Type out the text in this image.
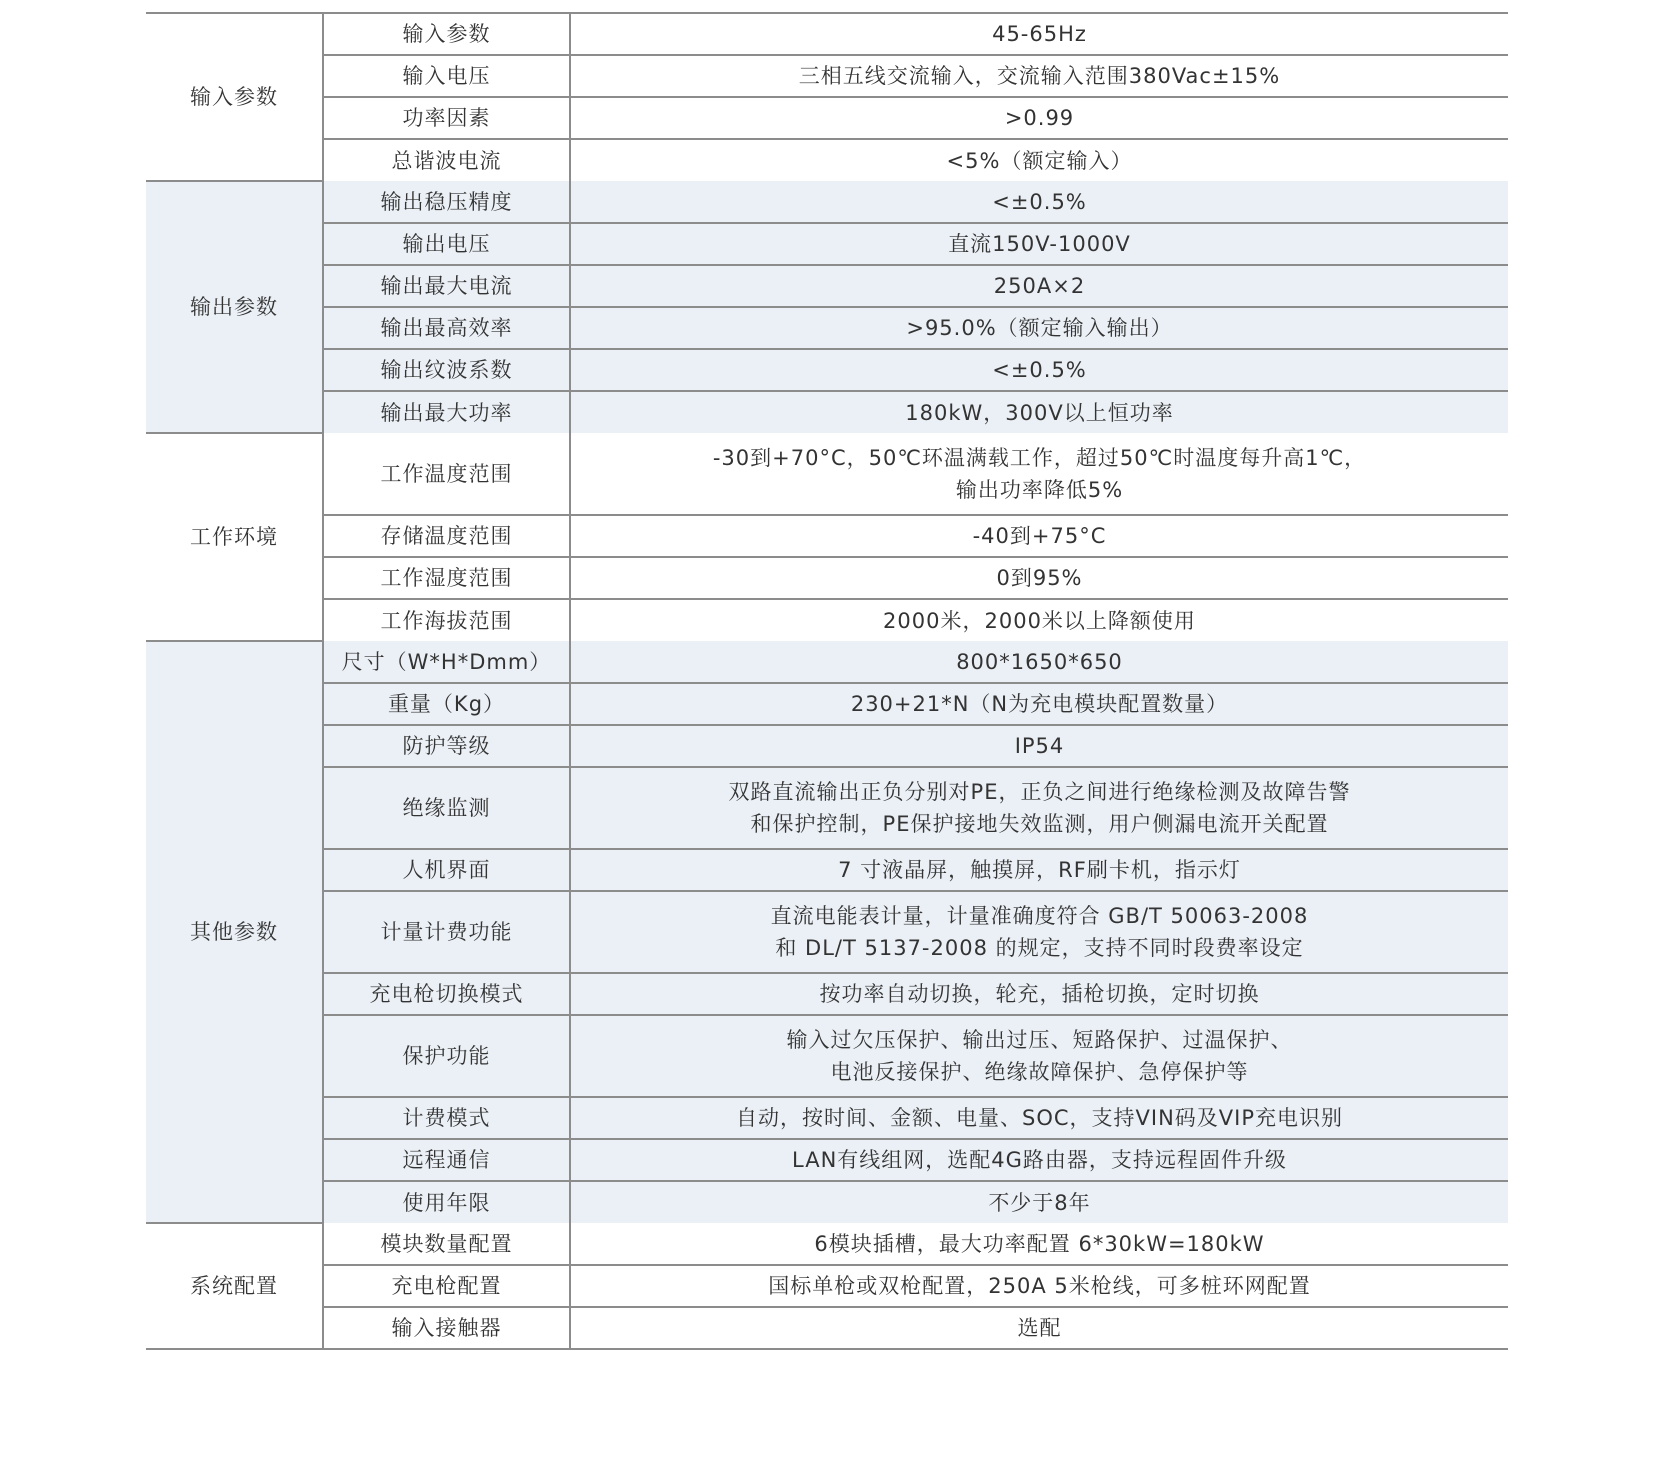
输入参数	输入参数	45-65Hz

	输入电压	三相五线交流输入，交流输入范围380Vac±15%

	功率因素	>0.99

	总谐波电流	<5%（额定输入）

输出参数	输出稳压精度	<±0.5%

	输出电压	直流150V-1000V

	输出最大电流	250A×2

	输出最高效率	>95.0%（额定输入输出）

	输出纹波系数	<±0.5%

	输出最大功率	180kW，300V以上恒功率

工作环境	工作温度范围	-30到+70°C，50℃环温满载工作，超过50℃时温度每升高1℃，
输出功率降低5%

	存储温度范围	-40到+75°C

	工作湿度范围	0到95%

	工作海拔范围	2000米，2000米以上降额使用

其他参数	尺寸（W*H*Dmm）	800*1650*650

	重量（Kg）	230+21*N（N为充电模块配置数量）

	防护等级	IP54

	绝缘监测	双路直流输出正负分别对PE，正负之间进行绝缘检测及故障告警
和保护控制，PE保护接地失效监测，用户侧漏电流开关配置

	人机界面	7 寸液晶屏，触摸屏，RF刷卡机，指示灯

	计量计费功能	直流电能表计量，计量准确度符合 GB/T 50063-2008
和 DL/T 5137-2008 的规定，支持不同时段费率设定

	充电枪切换模式	按功率自动切换，轮充，插枪切换，定时切换

	保护功能	输入过欠压保护、输出过压、短路保护、过温保护、
电池反接保护、绝缘故障保护、急停保护等

	计费模式	自动，按时间、金额、电量、SOC，支持VIN码及VIP充电识别

	远程通信	LAN有线组网，选配4G路由器，支持远程固件升级

	使用年限	不少于8年

系统配置	模块数量配置	6模块插槽，最大功率配置 6*30kW=180kW

	充电枪配置	国标单枪或双枪配置，250A 5米枪线，可多桩环网配置

	输入接触器	选配
